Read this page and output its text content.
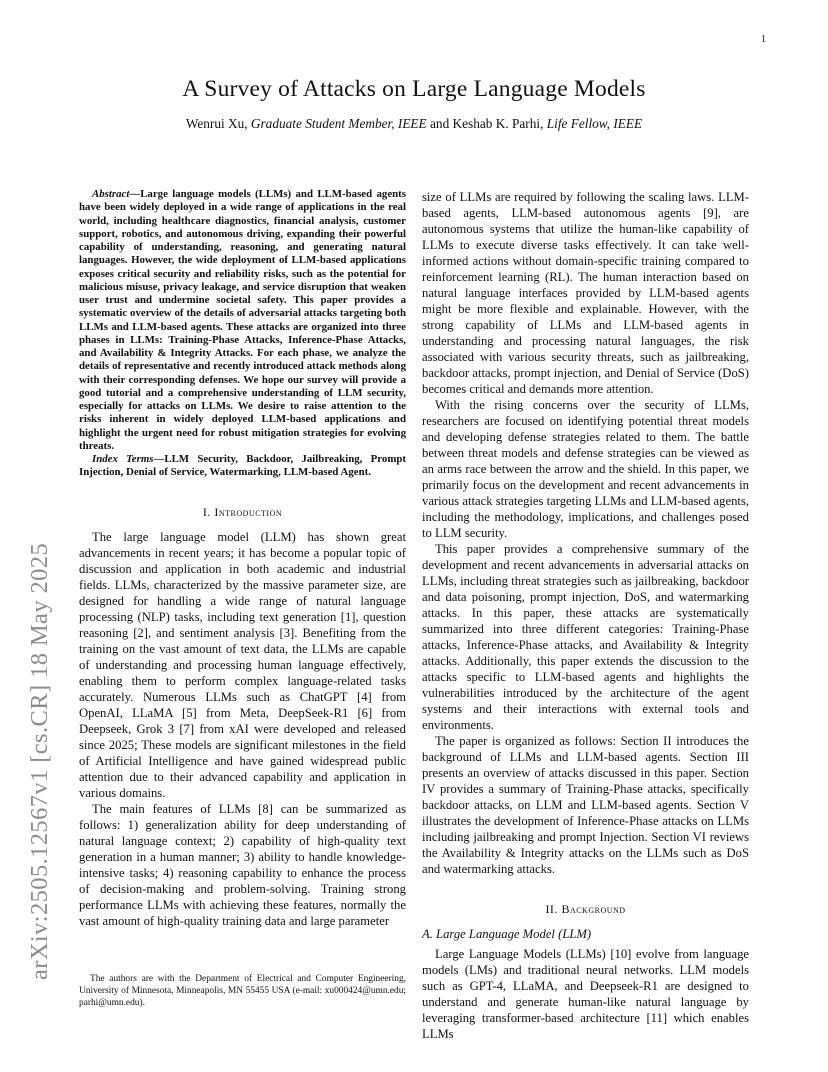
1
arXiv:2505.12567v1 [cs.CR] 18 May 2025
A Survey of Attacks on Large Language Models
Wenrui Xu, Graduate Student Member, IEEE and Keshab K. Parhi, Life Fellow, IEEE

Abstract—Large language models (LLMs) and LLM-based agents have been widely deployed in a wide range of applications in the real world, including healthcare diagnostics, financial analysis, customer support, robotics, and autonomous driving, expanding their powerful capability of understanding, reasoning, and generating natural languages. However, the wide deployment of LLM-based applications exposes critical security and reliability risks, such as the potential for malicious misuse, privacy leakage, and service disruption that weaken user trust and undermine societal safety. This paper provides a systematic overview of the details of adversarial attacks targeting both LLMs and LLM-based agents. These attacks are organized into three phases in LLMs: Training-Phase Attacks, Inference-Phase Attacks, and Availability & Integrity Attacks. For each phase, we analyze the details of representative and recently introduced attack methods along with their corresponding defenses. We hope our survey will provide a good tutorial and a comprehensive understanding of LLM security, especially for attacks on LLMs. We desire to raise attention to the risks inherent in widely deployed LLM-based applications and highlight the urgent need for robust mitigation strategies for evolving threats.

Index Terms—LLM Security, Backdoor, Jailbreaking, Prompt Injection, Denial of Service, Watermarking, LLM-based Agent.

I. Introduction

The large language model (LLM) has shown great advancements in recent years; it has become a popular topic of discussion and application in both academic and industrial fields. LLMs, characterized by the massive parameter size, are designed for handling a wide range of natural language processing (NLP) tasks, including text generation [1], question reasoning [2], and sentiment analysis [3]. Benefiting from the training on the vast amount of text data, the LLMs are capable of understanding and processing human language effectively, enabling them to perform complex language-related tasks accurately. Numerous LLMs such as ChatGPT [4] from OpenAI, LLaMA [5] from Meta, DeepSeek-R1 [6] from Deepseek, Grok 3 [7] from xAI were developed and released since 2025; These models are significant milestones in the field of Artificial Intelligence and have gained widespread public attention due to their advanced capability and application in various domains.

The main features of LLMs [8] can be summarized as follows: 1) generalization ability for deep understanding of natural language context; 2) capability of high-quality text generation in a human manner; 3) ability to handle knowledge-intensive tasks; 4) reasoning capability to enhance the process of decision-making and problem-solving. Training strong performance LLMs with achieving these features, normally the vast amount of high-quality training data and large parameter

The authors are with the Department of Electrical and Computer Engineering, University of Minnesota, Minneapolis, MN 55455 USA (e-mail: xu000424@umn.edu; parhi@umn.edu).

size of LLMs are required by following the scaling laws. LLM-based agents, LLM-based autonomous agents [9], are autonomous systems that utilize the human-like capability of LLMs to execute diverse tasks effectively. It can take well-informed actions without domain-specific training compared to reinforcement learning (RL). The human interaction based on natural language interfaces provided by LLM-based agents might be more flexible and explainable. However, with the strong capability of LLMs and LLM-based agents in understanding and processing natural languages, the risk associated with various security threats, such as jailbreaking, backdoor attacks, prompt injection, and Denial of Service (DoS) becomes critical and demands more attention.

With the rising concerns over the security of LLMs, researchers are focused on identifying potential threat models and developing defense strategies related to them. The battle between threat models and defense strategies can be viewed as an arms race between the arrow and the shield. In this paper, we primarily focus on the development and recent advancements in various attack strategies targeting LLMs and LLM-based agents, including the methodology, implications, and challenges posed to LLM security.

This paper provides a comprehensive summary of the development and recent advancements in adversarial attacks on LLMs, including threat strategies such as jailbreaking, backdoor and data poisoning, prompt injection, DoS, and watermarking attacks. In this paper, these attacks are systematically summarized into three different categories: Training-Phase attacks, Inference-Phase attacks, and Availability & Integrity attacks. Additionally, this paper extends the discussion to the attacks specific to LLM-based agents and highlights the vulnerabilities introduced by the architecture of the agent systems and their interactions with external tools and environments.

The paper is organized as follows: Section II introduces the background of LLMs and LLM-based agents. Section III presents an overview of attacks discussed in this paper. Section IV provides a summary of Training-Phase attacks, specifically backdoor attacks, on LLM and LLM-based agents. Section V illustrates the development of Inference-Phase attacks on LLMs including jailbreaking and prompt Injection. Section VI reviews the Availability & Integrity attacks on the LLMs such as DoS and watermarking attacks.

II. Background
A. Large Language Model (LLM)

Large Language Models (LLMs) [10] evolve from language models (LMs) and traditional neural networks. LLM models such as GPT-4, LLaMA, and Deepseek-R1 are designed to understand and generate human-like natural language by leveraging transformer-based architecture [11] which enables LLMs
